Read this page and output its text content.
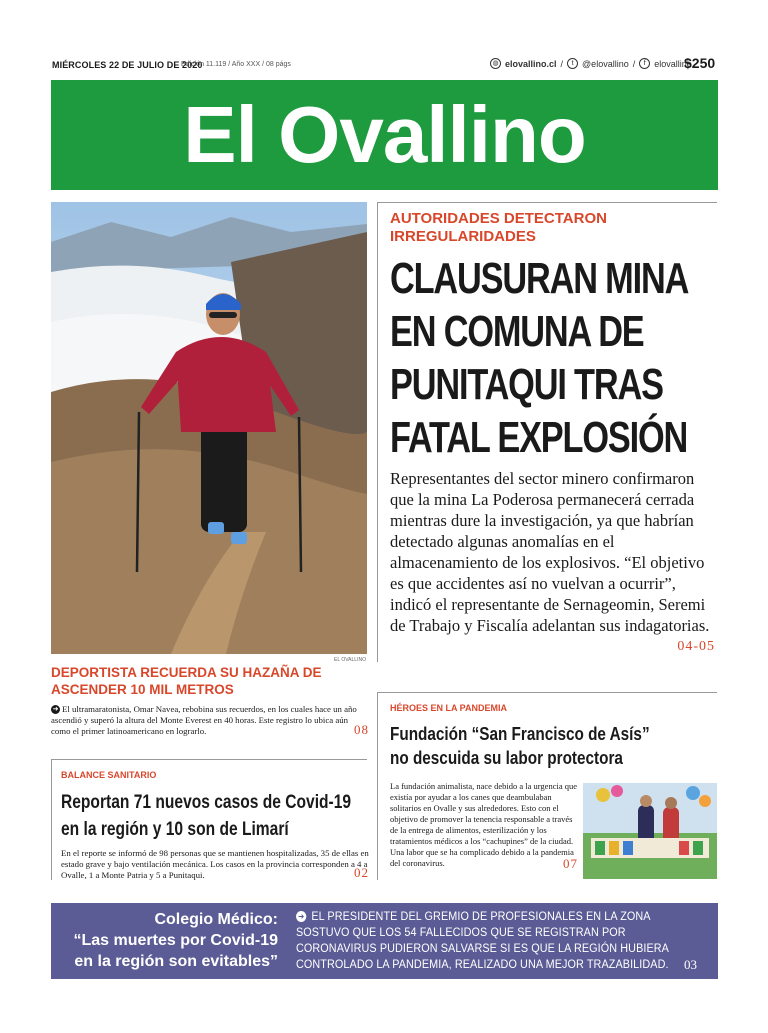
MIÉRCOLES 22 DE JULIO DE 2020
Edición 11.119 / Año XXX / 08 págs	◍ elovallino.cl /	t @elovallino /	f elovallino
$250
El Ovallino
EL OVALLINO
DEPORTISTA RECUERDA SU HAZAÑA DE ASCENDER 10 MIL METROS
➜ El ultramaratonista, Omar Navea, rebobina sus recuerdos, en los cuales hace un año ascendió y superó la altura del Monte Everest en 40 horas. Este registro lo ubica aún como el primer latinoamericano en lograrlo.	08
AUTORIDADES DETECTARON
IRREGULARIDADES
CLAUSURAN MINA
EN COMUNA DE
PUNITAQUI TRAS
FATAL EXPLOSIÓN
Representantes del sector minero confirmaron que la mina La Poderosa permanecerá cerrada mientras dure la investigación, ya que habrían detectado algunas anomalías en el almacenamiento de los explosivos. “El objetivo es que accidentes así no vuelvan a ocurrir”, indicó el representante de Sernageomin, Seremi de Trabajo y Fiscalía adelantan sus indagatorias.
04-05
HÉROES EN LA PANDEMIA
Fundación “San Francisco de Asís”
no descuida su labor protectora
La fundación animalista, nace debido a la urgencia que existía por ayudar a los canes que deambulaban solitarios en Ovalle y sus alrededores. Esto con el objetivo de promover la tenencia responsable a través de la entrega de alimentos, esterilización y los tratamientos médicos a los “cachupines” de la ciudad. Una labor que se ha complicado debido a la pandemia del coronavirus.	07
BALANCE SANITARIO
Reportan 71 nuevos casos de Covid-19
en la región y 10 son de Limarí
En el reporte se informó de 98 personas que se mantienen hospitalizadas, 35 de ellas en estado grave y bajo ventilación mecánica. Los casos en la provincia corresponden a 4 a Ovalle, 1 a Monte Patria y 5 a Punitaqui.	02
Colegio Médico:
“Las muertes por Covid-19
en la región son evitables”
➜ EL PRESIDENTE DEL GREMIO DE PROFESIONALES EN LA ZONA SOSTUVO QUE LOS 54 FALLECIDOS QUE SE REGISTRAN POR CORONAVIRUS PUDIERON SALVARSE SI ES QUE LA REGIÓN HUBIERA CONTROLADO LA PANDEMIA, REALIZADO UNA MEJOR TRAZABILIDAD.	03
